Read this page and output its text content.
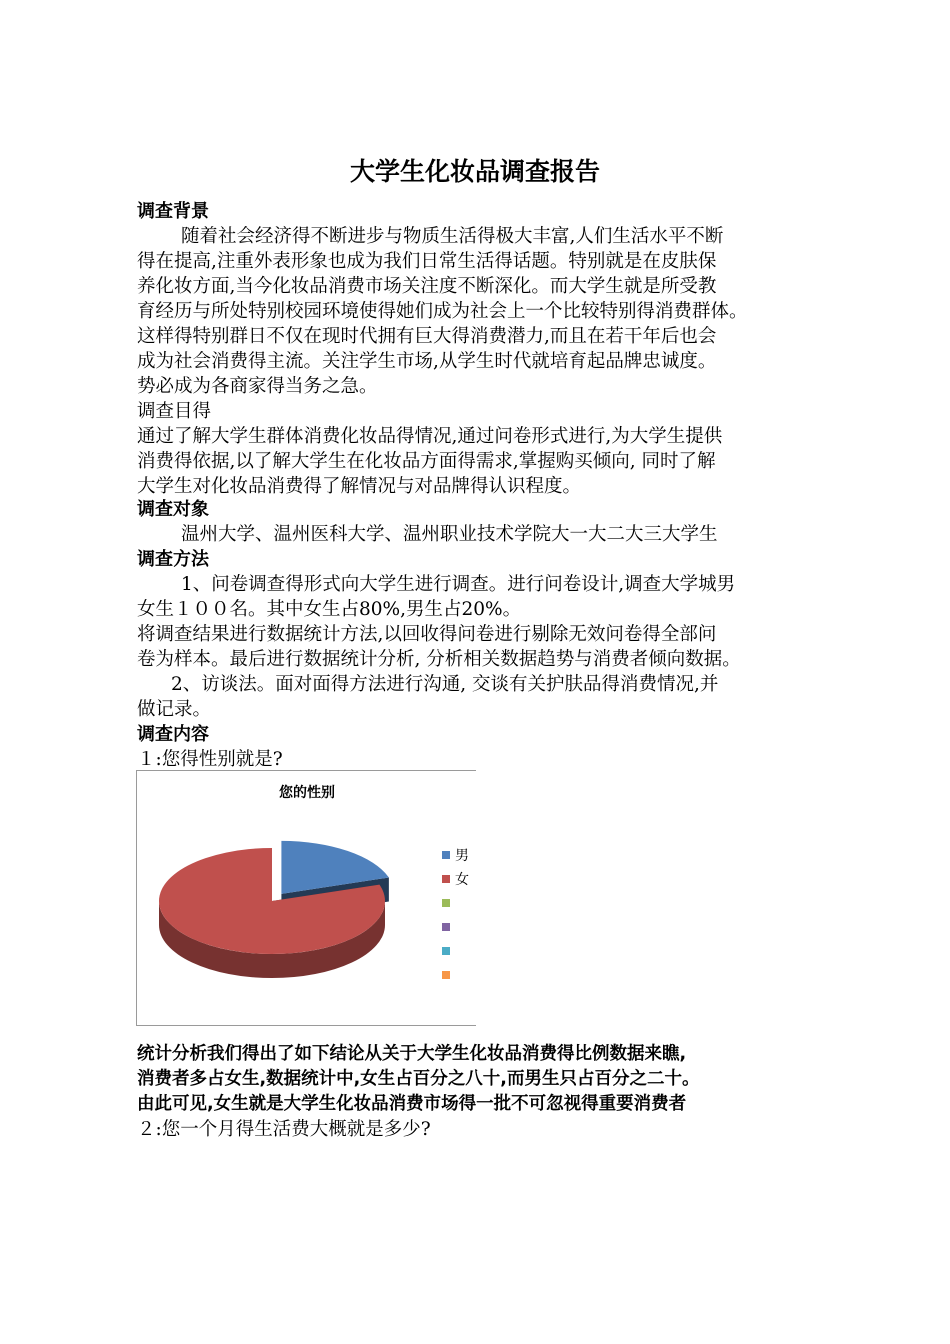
大学生化妆品调查报告
调查背景
随着社会经济得不断进步与物质生活得极大丰富,人们生活水平不断
得在提高,注重外表形象也成为我们日常生活得话题。特别就是在皮肤保
养化妆方面,当今化妆品消费市场关注度不断深化。而大学生就是所受教
育经历与所处特别校园环境使得她们成为社会上一个比较特别得消费群体。
这样得特别群日不仅在现时代拥有巨大得消费潜力,而且在若干年后也会
成为社会消费得主流。关注学生市场,从学生时代就培育起品牌忠诚度。
势必成为各商家得当务之急。
调查目得
通过了解大学生群体消费化妆品得情况,通过问卷形式进行,为大学生提供
消费得依据,以了解大学生在化妆品方面得需求,掌握购买倾向, 同时了解
大学生对化妆品消费得了解情况与对品牌得认识程度。
调查对象
温州大学、温州医科大学、温州职业技术学院大一大二大三大学生
调查方法
1、问卷调查得形式向大学生进行调查。进行问卷设计,调查大学城男
女生１００名。其中女生占80%,男生占20%。
将调查结果进行数据统计方法,以回收得问卷进行剔除无效问卷得全部问
卷为样本。最后进行数据统计分析, 分析相关数据趋势与消费者倾向数据。
2、访谈法。面对面得方法进行沟通, 交谈有关护肤品得消费情况,并
做记录。
调查内容
１:您得性别就是?
您的性别
男
女
统计分析我们得出了如下结论从关于大学生化妆品消费得比例数据来瞧,
消费者多占女生,数据统计中,女生占百分之八十,而男生只占百分之二十。
由此可见,女生就是大学生化妆品消费市场得一批不可忽视得重要消费者
２:您一个月得生活费大概就是多少?
